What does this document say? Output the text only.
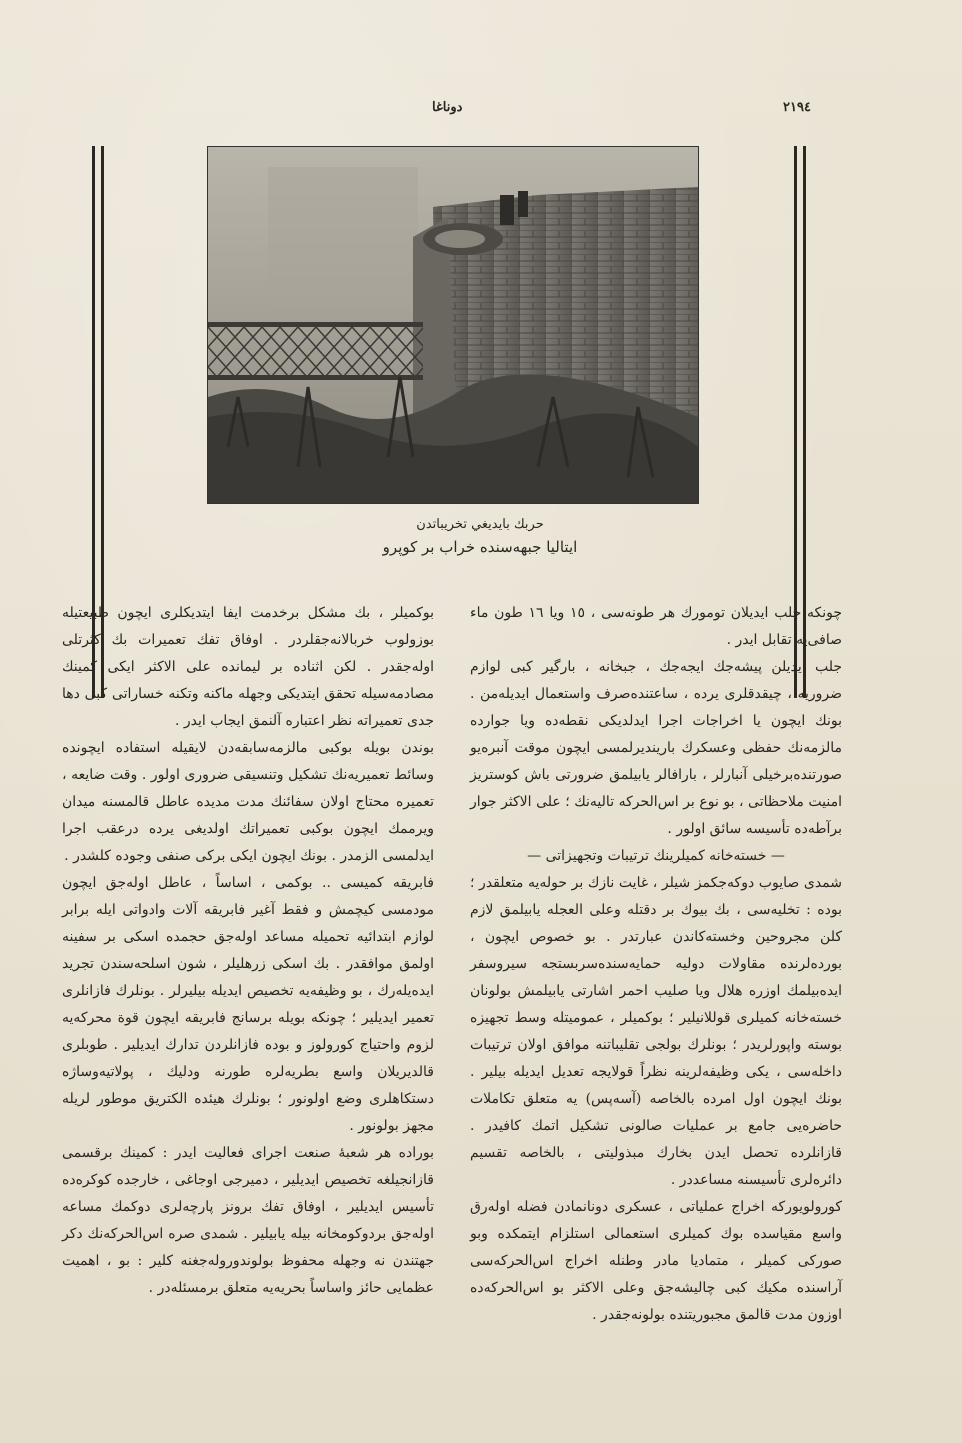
٢١٩٤
دوناغا
حربك بايديغي تخريباتدن
ايتاليا جبهه‌سنده خراب بر كوپرو

چونكه جلب ايديلان تومورك هر طونه‌سی ، ١٥ ويا ١٦ طون ماء صافی‌يه تقابل ايدر .

جلب ايديلن پيشه‌جك ايجه‌جك ، جبخانه ، بارگير كبی لوازم ضروريه ، چيقدقلری يرده ، ساعتنده‌صرف واستعمال ايديله‌من . بونك ايچون يا اخراجات اجرا ايدلديكی نقطه‌ده ويا جوارده مالزمه‌نك حفظی وعسكرك بارينديرلمسی ايچون موقت آنبره‌يو صورتنده‌برخيلی آنبارلر ، بارافالر يابيلمق ضرورتی باش كوستريز امنيت ملاحظاتی ، بو نوع بر اس‌الحركه تاليه‌نك ؛ علی الاكثر جوار برآطه‌ده تأسيسه سائق اولور .

— خسته‌خانه كميلرينك ترتيبات وتجهيزاتی —

شمدی صايوب دوكه‌جكمز شيلر ، غايت نازك بر حوله‌يه متعلقدر ؛ بوده : تخليه‌سی ، بك بيوك بر دقتله وعلی العجله يابيلمق لازم كلن مجروحين وخسته‌كاندن عبارتدر . بو خصوص ايچون ، بورده‌لرنده مقاولات دوليه حمايه‌سنده‌سربستجه سيروسفر ايده‌بيلمك اوزره هلال ويا صليب احمر اشارتی يابيلمش بولونان خسته‌خانه كميلری قوللانيلير ؛ بوكميلر ، عموميتله وسط تجهيزه بوسته واپورلريدر ؛ بونلرك بولجی تقليباتنه موافق اولان ترتيبات داخله‌سی ، يكی وظيفه‌لرينه نظراً قولايجه تعديل ايديله بيلير . بونك ايچون اول امرده بالخاصه (آسه‌پس) يه متعلق تكاملات حاضره‌يی جامع بر عمليات صالونی تشكيل اتمك كافيدر . قازانلرده تحصل ايدن بخارك مبذوليتی ، بالخاصه تقسيم دائره‌لری تأسيسنه مساعددر .

كورولويوركه اخراج عملياتی ، عسكری دونانمادن فضله اوله‌رق واسع مقياسده بوك كميلری استعمالی استلزام ايتمكده وبو صوركی كميلر ، متماديا مادر وطنله اخراج اس‌الحركه‌سی آراسنده مكيك كبی چاليشه‌جق وعلی الاكثر بو اس‌الحركه‌ده اوزون مدت قالمق مجبوريتنده بولونه‌جقدر .

بوكميلر ، بك مشكل برخدمت ايفا ايتديكلری ايچون طبيعتيله بوزولوب خربالانه‌جقلردر . اوفاق تفك تعميرات بك كثرتلی اوله‌جقدر . لكن اثناده بر ليمانده علی الاكثر ايكی كمينك مصادمه‌سيله تحقق ايتديكی وجهله ماكنه وتكنه خساراتی كبی دها جدی تعميراته نظر اعتباره آلنمق ايجاب ايدر .

بوندن بويله بوكبی مالزمه‌سابقه‌دن لايقيله استفاده ايچونده وسائط تعميريه‌نك تشكيل وتنسيقی ضروری اولور . وقت ضايعه ، تعميره محتاج اولان سفائنك مدت مديده عاطل قالمسنه ميدان ويرممك ايچون بوكبی تعميراتك اولديغی يرده درعقب اجرا ايدلمسی الزمدر . بونك ايچون ايكی بركی صنفی وجوده كلشدر .

فابريقه كميسی .. بوكمی ، اساساً ، عاطل اوله‌جق ايچون مودمسی كيچمش و فقط آغير فابريقه آلات وادواتی ايله برابر لوازم ابتدائيه تحميله مساعد اوله‌جق حجمده اسكی بر سفينه اولمق موافقدر . بك اسكی زرهليلر ، شون اسلحه‌سندن تجريد ايده‌يله‌رك ، بو وظيفه‌يه تخصيص ايديله بيليرلر . بونلرك فازانلری تعمير ايديلير ؛ چونكه بويله برسانج فابريقه ايچون قوة محركه‌يه لزوم واحتياج كورولوز و بوده فازانلردن تدارك ايديلير . طوبلری قالديريلان واسع بطريه‌لره طورنه ودليك ، پولاتيه‌وساژه دستكاهلری وضع اولونور ؛ بونلرك هيئده الكتريق موطور لريله مجهز بولونور .

بوراده هر شعبهٔ صنعت اجرای فعاليت ايدر : كمينك برقسمی قازانجيلغه تخصيص ايديلير ، دميرجی اوجاغی ، خارجده كوكره‌ده تأسيس ايديلير ، اوفاق تفك برونز پارچه‌لری دوكمك مساعه اوله‌جق بردوكومخانه بيله يابيلير . شمدی صره اس‌الحركه‌نك دكر جهتندن نه وجهله محفوظ بولوندوروله‌جغنه كلير : بو ، اهميت عظمايی حائز واساساً بحريه‌يه متعلق برمسئله‌در .
